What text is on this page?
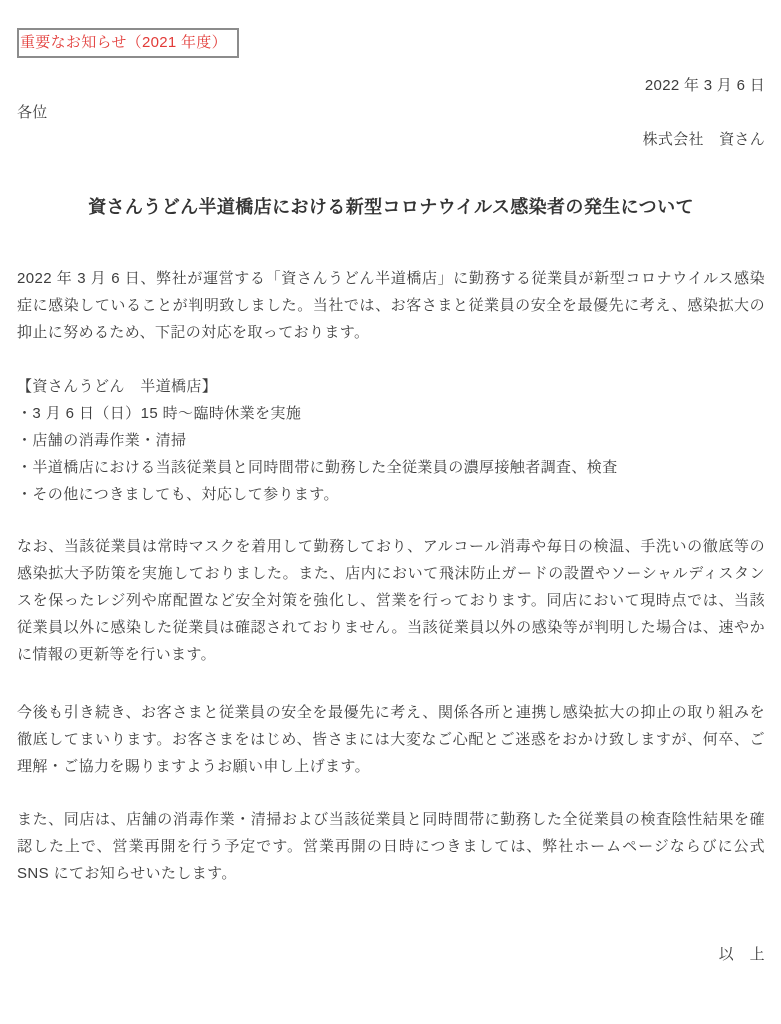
重要なお知らせ（2021 年度）
2022 年 3 月 6 日
各位
株式会社　資さん
資さんうどん半道橋店における新型コロナウイルス感染者の発生について

2022 年 3 月 6 日、弊社が運営する「資さんうどん半道橋店」に勤務する従業員が新型コロナウイルス感染症に感染していることが判明致しました。当社では、お客さまと従業員の安全を最優先に考え、感染拡大の抑止に努めるため、下記の対応を取っております。

【資さんうどん　半道橋店】
・3 月 6 日（日）15 時～臨時休業を実施
・店舗の消毒作業・清掃
・半道橋店における当該従業員と同時間帯に勤務した全従業員の濃厚接触者調査、検査
・その他につきましても、対応して参ります。

なお、当該従業員は常時マスクを着用して勤務しており、アルコール消毒や毎日の検温、手洗いの徹底等の感染拡大予防策を実施しておりました。また、店内において飛沫防止ガードの設置やソーシャルディスタンスを保ったレジ列や席配置など安全対策を強化し、営業を行っております。同店において現時点では、当該従業員以外に感染した従業員は確認されておりません。当該従業員以外の感染等が判明した場合は、速やかに情報の更新等を行います。

今後も引き続き、お客さまと従業員の安全を最優先に考え、関係各所と連携し感染拡大の抑止の取り組みを徹底してまいります。お客さまをはじめ、皆さまには大変なご心配とご迷惑をおかけ致しますが、何卒、ご理解・ご協力を賜りますようお願い申し上げます。

また、同店は、店舗の消毒作業・清掃および当該従業員と同時間帯に勤務した全従業員の検査陰性結果を確認した上で、営業再開を行う予定です。営業再開の日時につきましては、弊社ホームページならびに公式 SNS にてお知らせいたします。

以　上
